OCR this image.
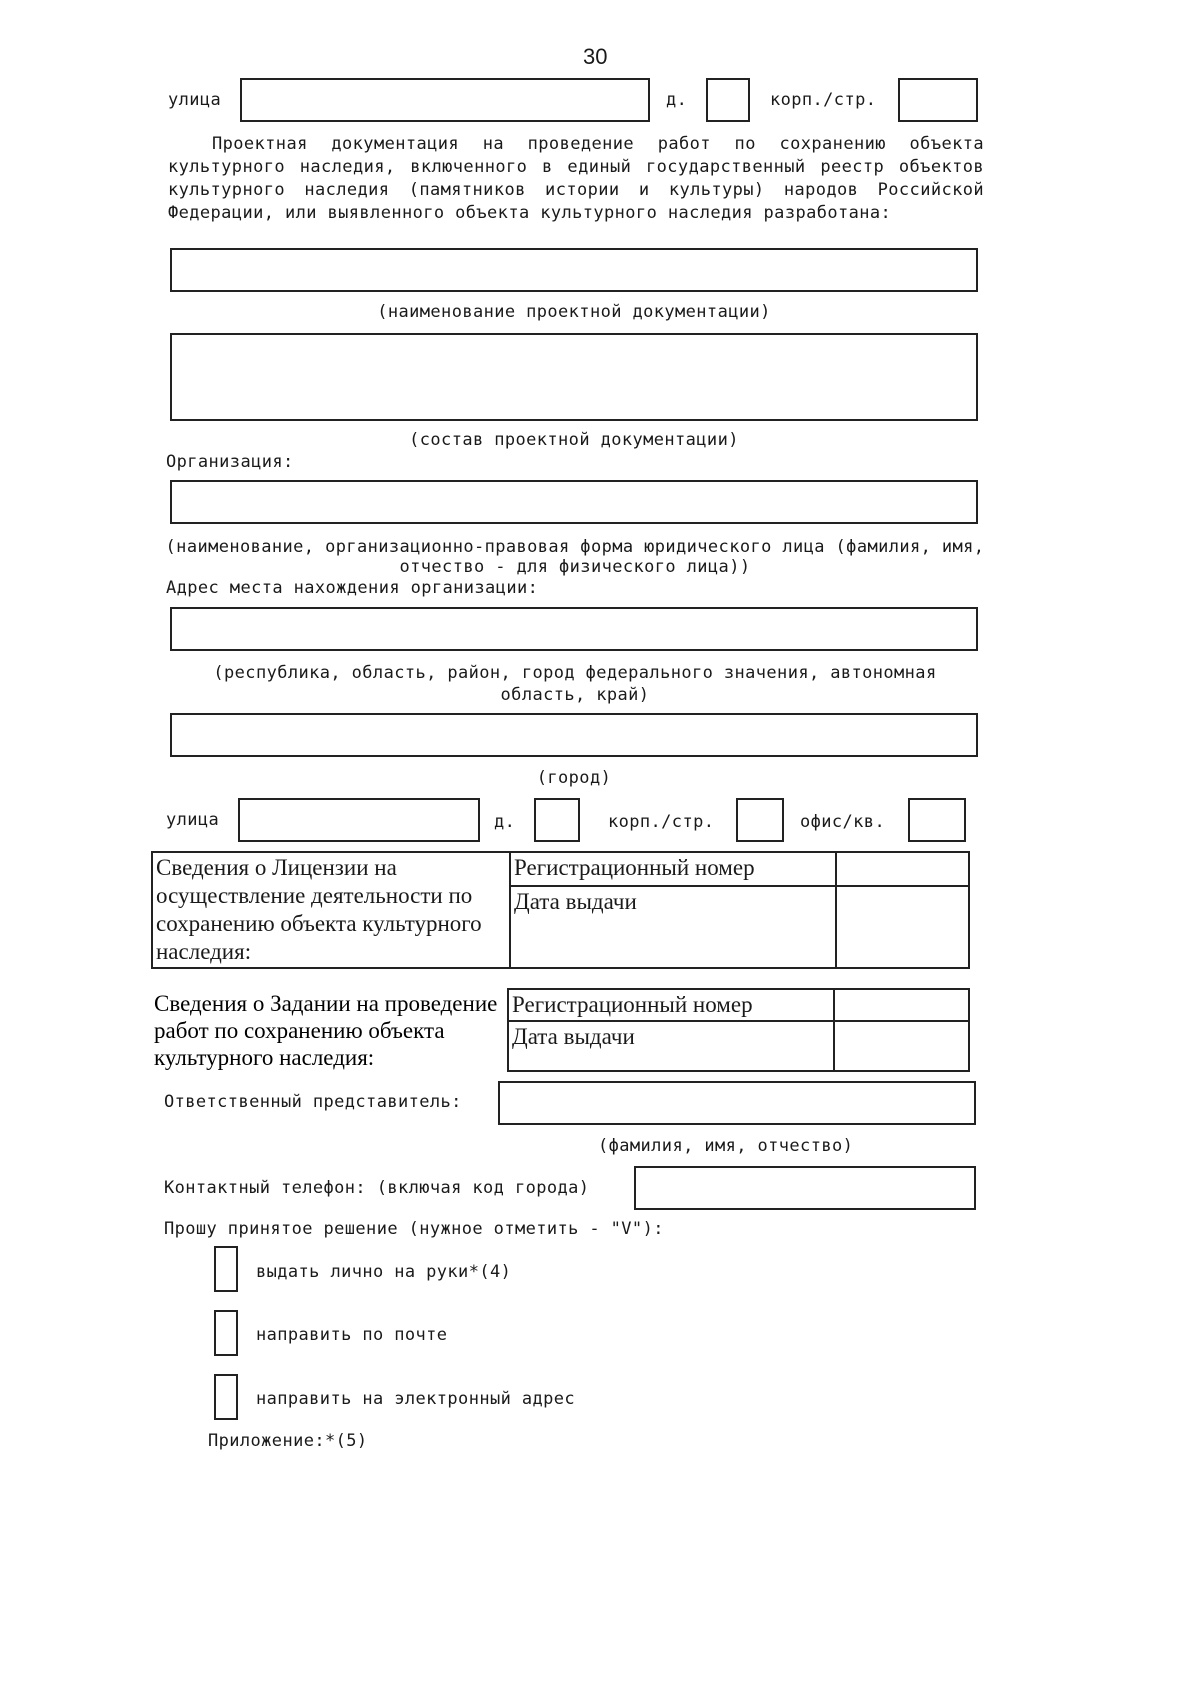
30
улица	д.	корп./стр.
Проектная документация на проведение работ по сохранению объекта культурного наследия, включенного в единый государственный реестр объектов культурного наследия (памятников истории и культуры) народов Российской Федерации, или выявленного объекта культурного наследия разработана:
(наименование проектной документации)
(состав проектной документации)
Организация:
(наименование, организационно-правовая форма юридического лица (фамилия, имя, отчество - для физического лица))
Адрес места нахождения организации:
(республика, область, район, город федерального значения, автономная область, край)
(город)
улица	д.	корп./стр.	офис/кв.
Сведения о Лицензии на осуществление деятельности по сохранению объекта культурного наследия:	Регистрационный номер	
	Дата выдачи	
Сведения о Задании на проведение работ по сохранению объекта культурного наследия:
Регистрационный номер	
Дата выдачи	
Ответственный представитель:
(фамилия, имя, отчество)
Контактный телефон: (включая код города)
Прошу принятое решение (нужное отметить - "V"):
выдать лично на руки*(4)
направить по почте
направить на электронный адрес
Приложение:*(5)
